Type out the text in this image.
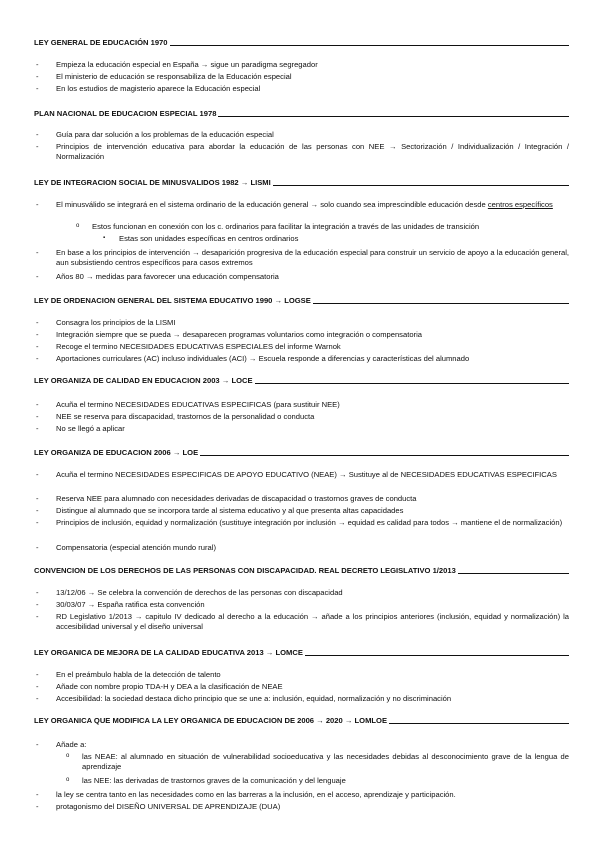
LEY GENERAL DE EDUCACIÓN 1970
- Empieza la educación especial en España → sigue un paradigma segregador
- El ministerio de educación se responsabiliza de la Educación especial
- En los estudios de magisterio aparece la Educación especial
PLAN NACIONAL DE EDUCACION ESPECIAL 1978
- Guía para dar solución a los problemas de la educación especial
- Principios de intervención educativa para abordar la educación de las personas con NEE → Sectorización / Individualización / Integración / Normalización
LEY DE INTEGRACION SOCIAL DE MINUSVALIDOS 1982 → LISMI
- El minusválido se integrará en el sistema ordinario de la educación general → solo cuando sea imprescindible educación desde centros específicos
o Estos funcionan en conexión con los c. ordinarios para facilitar la integración a través de las unidades de transición
▪ Estas son unidades específicas en centros ordinarios
- En base a los principios de intervención → desaparición progresiva de la educación especial para construir un servicio de apoyo a la educación general, aun subsistiendo centros específicos para casos extremos
- Años 80 → medidas para favorecer una educación compensatoria
LEY DE ORDENACION GENERAL DEL SISTEMA EDUCATIVO 1990 → LOGSE
- Consagra los principios de la LISMI
- Integración siempre que se pueda → desaparecen programas voluntarios como integración o compensatoria
- Recoge el termino NECESIDADES EDUCATIVAS ESPECIALES del informe Warnok
- Aportaciones curriculares (AC) incluso individuales (ACI) → Escuela responde a diferencias y características del alumnado
LEY ORGANIZA DE CALIDAD EN EDUCACION 2003 → LOCE
- Acuña el termino NECESIDADES EDUCATIVAS ESPECIFICAS (para sustituir NEE)
- NEE se reserva para discapacidad, trastornos de la personalidad o conducta
- No se llegó a aplicar
LEY ORGANIZA DE EDUCACION 2006 → LOE
- Acuña el termino NECESIDADES ESPECIFICAS DE APOYO EDUCATIVO (NEAE) → Sustituye al de NECESIDADES EDUCATIVAS ESPECIFICAS
- Reserva NEE para alumnado con necesidades derivadas de discapacidad o trastornos graves de conducta
- Distingue al alumnado que se incorpora tarde al sistema educativo y al que presenta altas capacidades
- Principios de inclusión, equidad y normalización (sustituye integración por inclusión → equidad es calidad para todos → mantiene el de normalización)
- Compensatoria (especial atención mundo rural)
CONVENCION DE LOS DERECHOS DE LAS PERSONAS CON DISCAPACIDAD. REAL DECRETO LEGISLATIVO 1/2013
- 13/12/06 → Se celebra la convención de derechos de las personas con discapacidad
- 30/03/07 → España ratifica esta convención
- RD Legislativo 1/2013 → capitulo IV dedicado al derecho a la educación → añade a los principios anteriores (inclusión, equidad y normalización) la accesibilidad universal y el diseño universal
LEY ORGANICA DE MEJORA DE LA CALIDAD EDUCATIVA 2013 → LOMCE
- En el preámbulo habla de la detección de talento
- Añade con nombre propio TDA-H y DEA a la clasificación de NEAE
- Accesibilidad: la sociedad destaca dicho principio que se une a: inclusión, equidad, normalización y no discriminación
LEY ORGANICA QUE MODIFICA LA LEY ORGANICA DE EDUCACION DE 2006 → 2020 → LOMLOE
- Añade a:
o las NEAE: al alumnado en situación de vulnerabilidad socioeducativa y las necesidades debidas al desconocimiento grave de la lengua de aprendizaje
o las NEE: las derivadas de trastornos graves de la comunicación y del lenguaje
- la ley se centra tanto en las necesidades como en las barreras a la inclusión, en el acceso, aprendizaje y participación.
- protagonismo del DISEÑO UNIVERSAL DE APRENDIZAJE (DUA)
